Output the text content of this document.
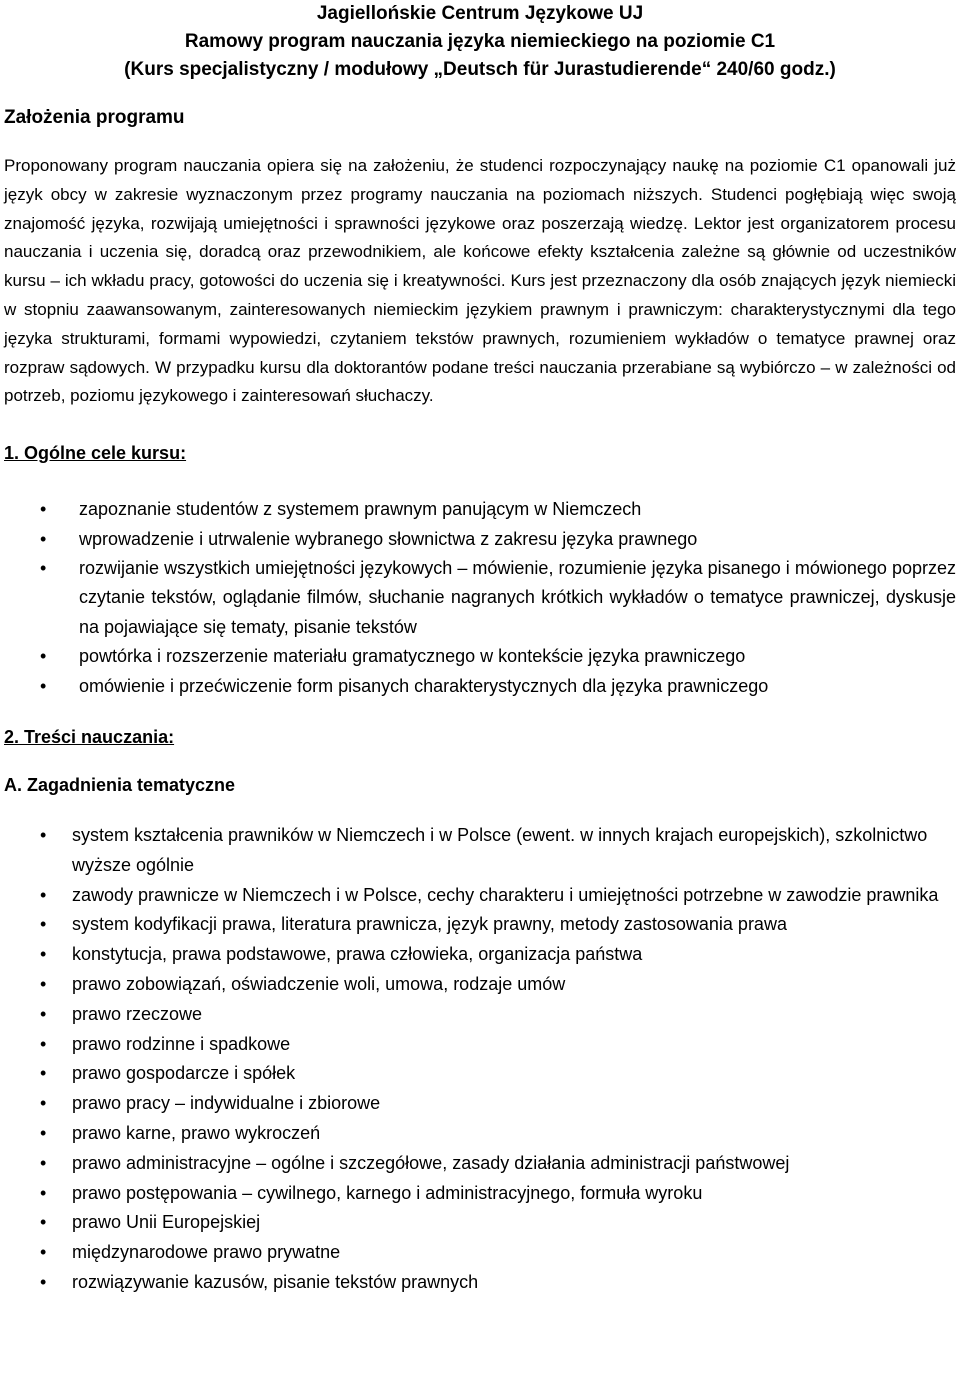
Jagiellońskie Centrum Językowe UJ
Ramowy program nauczania języka niemieckiego na poziomie C1
(Kurs specjalistyczny / modułowy „Deutsch für Jurastudierende“ 240/60 godz.)
Założenia programu

Proponowany program nauczania opiera się na założeniu, że studenci rozpoczynający naukę na poziomie C1 opanowali już język obcy w zakresie wyznaczonym przez programy nauczania na poziomach niższych. Studenci pogłębiają więc swoją znajomość języka, rozwijają umiejętności i sprawności językowe oraz poszerzają wiedzę. Lektor jest organizatorem procesu nauczania i uczenia się, doradcą oraz przewodnikiem, ale końcowe efekty kształcenia zależne są głównie od uczestników kursu – ich wkładu pracy, gotowości do uczenia się i kreatywności. Kurs jest przeznaczony dla osób znających język niemiecki w stopniu zaawansowanym, zainteresowanych niemieckim językiem prawnym i prawniczym: charakterystycznymi dla tego języka strukturami, formami wypowiedzi, czytaniem tekstów prawnych, rozumieniem wykładów o tematyce prawnej oraz rozpraw sądowych. W przypadku kursu dla doktorantów podane treści nauczania przerabiane są wybiórczo – w zależności od potrzeb, poziomu językowego i zainteresowań słuchaczy.

1. Ogólne cele kursu:
• zapoznanie studentów z systemem prawnym panującym w Niemczech
• wprowadzenie i utrwalenie wybranego słownictwa z zakresu języka prawnego
• rozwijanie wszystkich umiejętności językowych – mówienie, rozumienie języka pisanego i mówionego poprzez czytanie tekstów, oglądanie filmów, słuchanie nagranych krótkich wykładów o tematyce prawniczej, dyskusje na pojawiające się tematy, pisanie tekstów
• powtórka i rozszerzenie materiału gramatycznego w kontekście języka prawniczego
• omówienie i przećwiczenie form pisanych charakterystycznych dla języka prawniczego
2. Treści nauczania:
A. Zagadnienia tematyczne
• system kształcenia prawników w Niemczech i w Polsce (ewent. w innych krajach europejskich), szkolnictwo wyższe ogólnie
• zawody prawnicze w Niemczech i w Polsce, cechy charakteru i umiejętności potrzebne w zawodzie prawnika
• system kodyfikacji prawa, literatura prawnicza, język prawny, metody zastosowania prawa
• konstytucja, prawa podstawowe, prawa człowieka, organizacja państwa
• prawo zobowiązań, oświadczenie woli, umowa, rodzaje umów
• prawo rzeczowe
• prawo rodzinne i spadkowe
• prawo gospodarcze i spółek
• prawo pracy – indywidualne i zbiorowe
• prawo karne, prawo wykroczeń
• prawo administracyjne – ogólne i szczegółowe, zasady działania administracji państwowej
• prawo postępowania – cywilnego, karnego i administracyjnego, formuła wyroku
• prawo Unii Europejskiej
• międzynarodowe prawo prywatne
• rozwiązywanie kazusów, pisanie tekstów prawnych
